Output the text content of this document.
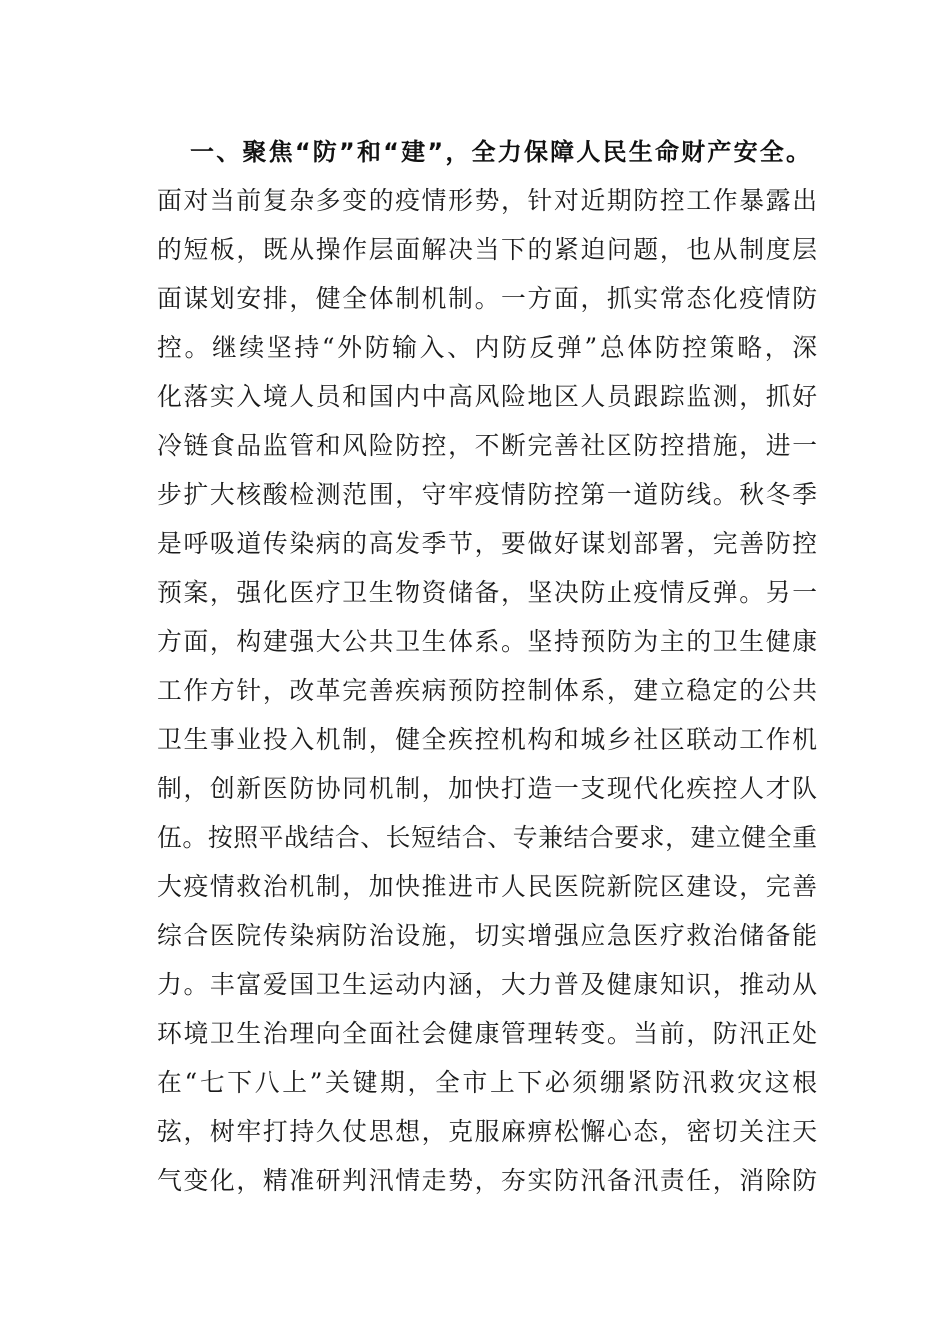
一、聚焦“防”和“建”，全力保障人民生命财产安全。
面对当前复杂多变的疫情形势，针对近期防控工作暴露出
的短板，既从操作层面解决当下的紧迫问题，也从制度层
面谋划安排，健全体制机制。一方面，抓实常态化疫情防
控。继续坚持“外防输入、内防反弹”总体防控策略，深
化落实入境人员和国内中高风险地区人员跟踪监测，抓好
冷链食品监管和风险防控，不断完善社区防控措施，进一
步扩大核酸检测范围，守牢疫情防控第一道防线。秋冬季
是呼吸道传染病的高发季节，要做好谋划部署，完善防控
预案，强化医疗卫生物资储备，坚决防止疫情反弹。另一
方面，构建强大公共卫生体系。坚持预防为主的卫生健康
工作方针，改革完善疾病预防控制体系，建立稳定的公共
卫生事业投入机制，健全疾控机构和城乡社区联动工作机
制，创新医防协同机制，加快打造一支现代化疾控人才队
伍。按照平战结合、长短结合、专兼结合要求，建立健全重
大疫情救治机制，加快推进市人民医院新院区建设，完善
综合医院传染病防治设施，切实增强应急医疗救治储备能
力。丰富爱国卫生运动内涵，大力普及健康知识，推动从
环境卫生治理向全面社会健康管理转变。当前，防汛正处
在“七下八上”关键期，全市上下必须绷紧防汛救灾这根
弦，树牢打持久仗思想，克服麻痹松懈心态，密切关注天
气变化，精准研判汛情走势，夯实防汛备汛责任，消除防
